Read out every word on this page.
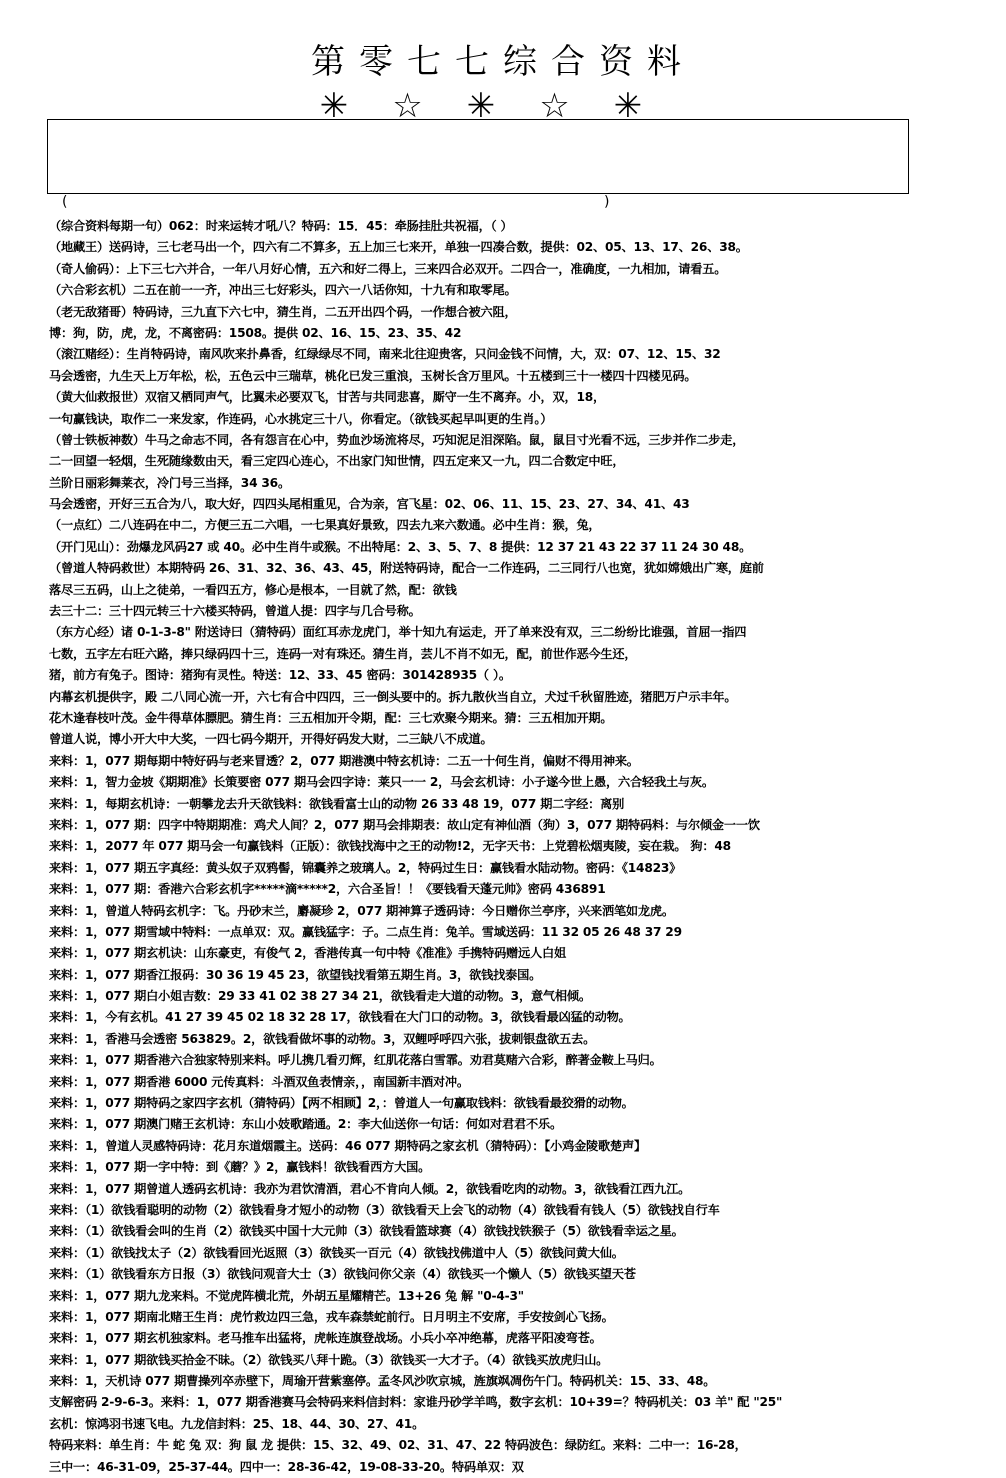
第零七七综合资料
✳☆✳☆✳
(	)
（综合资料每期一句）062：时来运转才吼八？特码：15．45：牵肠挂肚共祝福，（ ）
（地藏王）送码诗，三七老马出一个，四六有二不算多，五上加三七来开，单独一四凑合数，提供：02、05、13、17、26、38。
（奇人偷码）：上下三七六并合，一年八月好心情，五六和好二得上，三来四合必双开。二四合一，准确度，一九相加，请看五。
（六合彩玄机）二五在前一一齐，冲出三七好彩头，四六一八话你知，十九有和取零尾。
（老无敌猪哥）特码诗，三九直下六七中，猜生肖，二五开出四个码，一作想合被六阻，
博：狗，防，虎，龙，不离密码：1508。提供 02、16、15、23、35、42
（滚江赌经）：生肖特码诗，南风吹来扑鼻香，红绿绿尽不同，南来北往迎贵客，只问金钱不问情，大，双：07、12、15、32
马会透密，九生天上万年松，松，五色云中三瑞草，桃化已发三重浪，玉树长含万里风。十五楼到三十一楼四十四楼见码。
（黄大仙救报世）双宿又栖同声气，比翼未必要双飞，甘苦与共同悲喜，厮守一生不离弃。小，双，18，
一句赢钱诀，取作二一来发家，作连码，心水挑定三十八，你看定。（欲钱买起早叫更的生肖。）
（曾士铁板神数）牛马之命志不同，各有怨言在心中，势血沙场流将尽，巧知泥足泪深陷。鼠，鼠目寸光看不远，三步并作二步走，
二一回望一轻烟，生死随缘数由天，看三定四心连心，不出家门知世情，四五定来又一九，四二合数定中旺，
兰阶日丽彩舞莱衣，冷门号三当择，34 36。
马会透密，开好三五合为八，取大好，四四头尾相重见，合为亲，宫飞星：02、06、11、15、23、27、34、41、43
（一点红）二八连码在中二，方便三五二六唱，一七果真好景致，四去九来六数通。必中生肖：猴，兔，
（开门见山）：劲爆龙风码27 或 40。必中生肖牛或猴。不出特尾：2、3、5、7、8 提供：12 37 21 43 22 37 11 24 30 48。
（曾道人特码救世）本期特码 26、31、32、36、43、45，附送特码诗，配合一二作连码，二三同行八也宽，犹如嫦娥出广寒，庭前
落尽三五码，山上之徒弟，一看四五方，修心是根本，一目就了然，配：欲钱
去三十二：三十四元转三十六楼买特码，曾道人提：四字与几合号称。
（东方心经）诸 0-1-3-8" 附送诗曰（猜特码）面红耳赤龙虎门，举十知九有运走，开了单来没有双，三二纷纷比谁强，首屈一指四
七数，五字左右旺六路，捧只绿码四十三，连码一对有珠还。猜生肖，芸儿不肖不如无，配，前世作恶今生还，
猪，前方有兔子。图诗：猪狗有灵性。特送：12、33、45 密码：301428935（ ）。
内幕玄机提供字，殿 二八同心流一开，六七有合中四四，三一倒头要中的。拆九散伙当自立，犬过千秋留胜迹，猪肥万户示丰年。
花木逢春枝叶茂。金牛得草体膘肥。猜生肖：三五相加开令期，配：三七欢聚今期来。猜：三五相加开期。
曾道人说，博小开大中大奖，一四七码今期开，开得好码发大财，二三缺八不成道。
来料：1，077 期每期中特好码与老来冒透？2，077 期港澳中特玄机诗：二五一十何生肖，偏财不得用神来。
来料：1，智力金坡《期期准》长策要密 077 期马会四字诗：莱只一一 2，马会玄机诗：小子遂今世上愚，六合轻我土与灰。
来料：1，每期玄机诗：一朝攀龙去升天欲钱料：欲钱看富士山的动物 26 33 48 19，077 期二字经：离别
来料：1，077 期：四字中特期期准：鸡犬人间？2，077 期马会排期表：故山定有神仙酒（狗）3，077 期特码料：与尔倾金一一饮
来料：1，2077 年 077 期马会一句赢钱料（正版）：欲钱找海中之王的动物!2，无字天书：上党碧松烟夷陵，妄在栽。 狗：48
来料：1，077 期五字真经：黄头奴子双鸦髻，锦囊养之玻璃人。2，特码过生日：赢钱看水陆动物。密码：《14823》
来料：1，077 期：香港六合彩玄机字*****滴*****2，六合圣旨！！《要钱看天蓬元帅》密码 436891
来料：1，曾道人特码玄机字：飞。丹砂末兰，麝凝珍 2，077 期神算子透码诗：今日赠你兰亭序，兴来洒笔如龙虎。
来料：1，077 期雪域中特料：一点单双：双。赢钱猛字：子。二点生肖：兔羊。雪域送码：11 32 05 26 48 37 29
来料：1，077 期玄机诀：山东豪吏，有俊气 2，香港传真一句中特《准准》手携特码赠远人白姐
来料：1，077 期香江报码：30 36 19 45 23，欲望钱找看第五期生肖。3，欲钱找泰国。
来料：1，077 期白小姐吉数：29 33 41 02 38 27 34 21，欲钱看走大道的动物。3，意气相倾。
来料：1，今有玄机。41 27 39 45 02 18 32 28 17，欲钱看在大门口的动物。3，欲钱看最凶猛的动物。
来料：1，香港马会透密 563829。2，欲钱看做坏事的动物。3，双鲤呼呼四六张，拔刺银盘欲五去。
来料：1，077 期香港六合独家特别来料。呼儿携几看刃辉，红肌花落白雪霏。劝君莫赌六合彩，醉著金鞍上马归。
来料：1，077 期香港 6000 元传真料：斗酒双鱼表情亲，，南国新丰酒对冲。
来料：1，077 期特码之家四字玄机（猜特码）【两不相顾】2，：曾道人一句赢取钱料：欲钱看最狡猾的动物。
来料：1，077 期澳门赌王玄机诗：东山小妓歌踏通。2：李大仙送你一句话：何如对君君不乐。
来料：1，曾道人灵感特码诗：花月东道烟霞主。送码：46 077 期特码之家玄机（猜特码）：【小鸡金陵歌楚声】
来料：1，077 期一字中特：到《蘑？》2，赢钱料！欲钱看西方大国。
来料：1，077 期曾道人透码玄机诗：我亦为君饮清酒，君心不肯向人倾。2，欲钱看吃肉的动物。3，欲钱看江西九江。
来料：（1）欲钱看聪明的动物（2）欲钱看身才短小的动物（3）欲钱看天上会飞的动物（4）欲钱看有钱人（5）欲钱找自行车
来料：（1）欲钱看会叫的生肖（2）欲钱买中国十大元帅（3）欲钱看篮球赛（4）欲钱找铁猴子（5）欲钱看幸运之星。
来料：（1）欲钱找太子（2）欲钱看回光返照（3）欲钱买一百元（4）欲钱找佛道中人（5）欲钱问黄大仙。
来料：（1）欲钱看东方日报（3）欲钱问观音大士（3）欲钱问你父亲（4）欲钱买一个懒人（5）欲钱买望天苍
来料：1，077 期九龙来料。不觉虎阵横北荒，外胡五星耀精芒。13+26 兔 解 "0-4-3"
来料：1，077 期南北赌王生肖：虎竹救边四三急，戎车森禁蛇前行。日月明主不安席，手安按剑心飞扬。
来料：1，077 期玄机独家料。老马推车出猛将，虎帐连旗登战场。小兵小卒冲绝幕，虎落平阳凌弯苍。
来料：1，077 期欲钱买拾金不昧。（2）欲钱买八拜十跪。（3）欲钱买一大才子。（4）欲钱买放虎归山。
来料：1，天机诗 077 期曹操列卒赤壁下，周瑜开营紫塞停。孟冬风沙吹京城，旌旗飒凋伤午门。特码机关：15、33、48。
支解密码 2-9-6-3。来料：1，077 期香港赛马会特码来料信封料：家谁丹砂学羊鸣，数字玄机：10+39=？特码机关：03 羊" 配 "25"
玄机：惊鸿羽书速飞电。九龙信封料：25、18、44、30、27、41。
特码来料：单生肖：牛 蛇 兔 双：狗 鼠 龙 提供：15、32、49、02、31、47、22 特码波色：绿防红。来料：二中一：16-28，
三中一：46-31-09，25-37-44。四中一：28-36-42，19-08-33-20。特码单双：双
